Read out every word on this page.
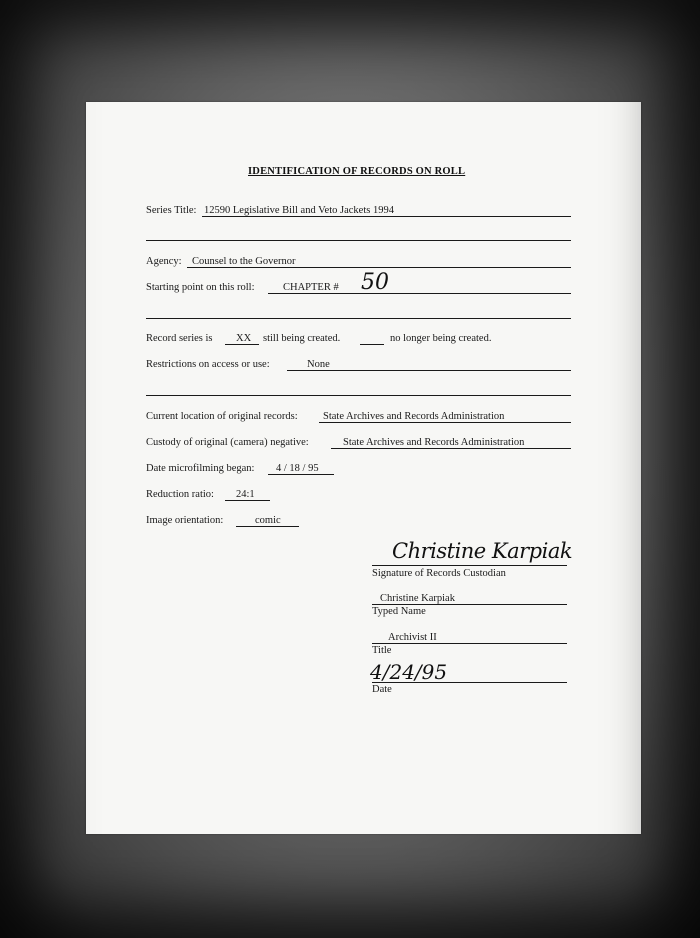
IDENTIFICATION OF RECORDS ON ROLL
Series Title: 12590 Legislative Bill and Veto Jackets 1994
Agency: Counsel to the Governor
Starting point on this roll:	CHAPTER # 50
Record series is XX still being created.	no longer being created.
Restrictions on access or use:	None
Current location of original records: State Archives and Records Administration
Custody of original (camera) negative:	State Archives and Records Administration
Date microfilming began: 4 / 18 / 95
Reduction ratio: 24:1
Image orientation:	comic
Christine Karpiak
Signature of Records Custodian
Christine Karpiak
Typed Name
Archivist II
Title
4/24/95
Date
